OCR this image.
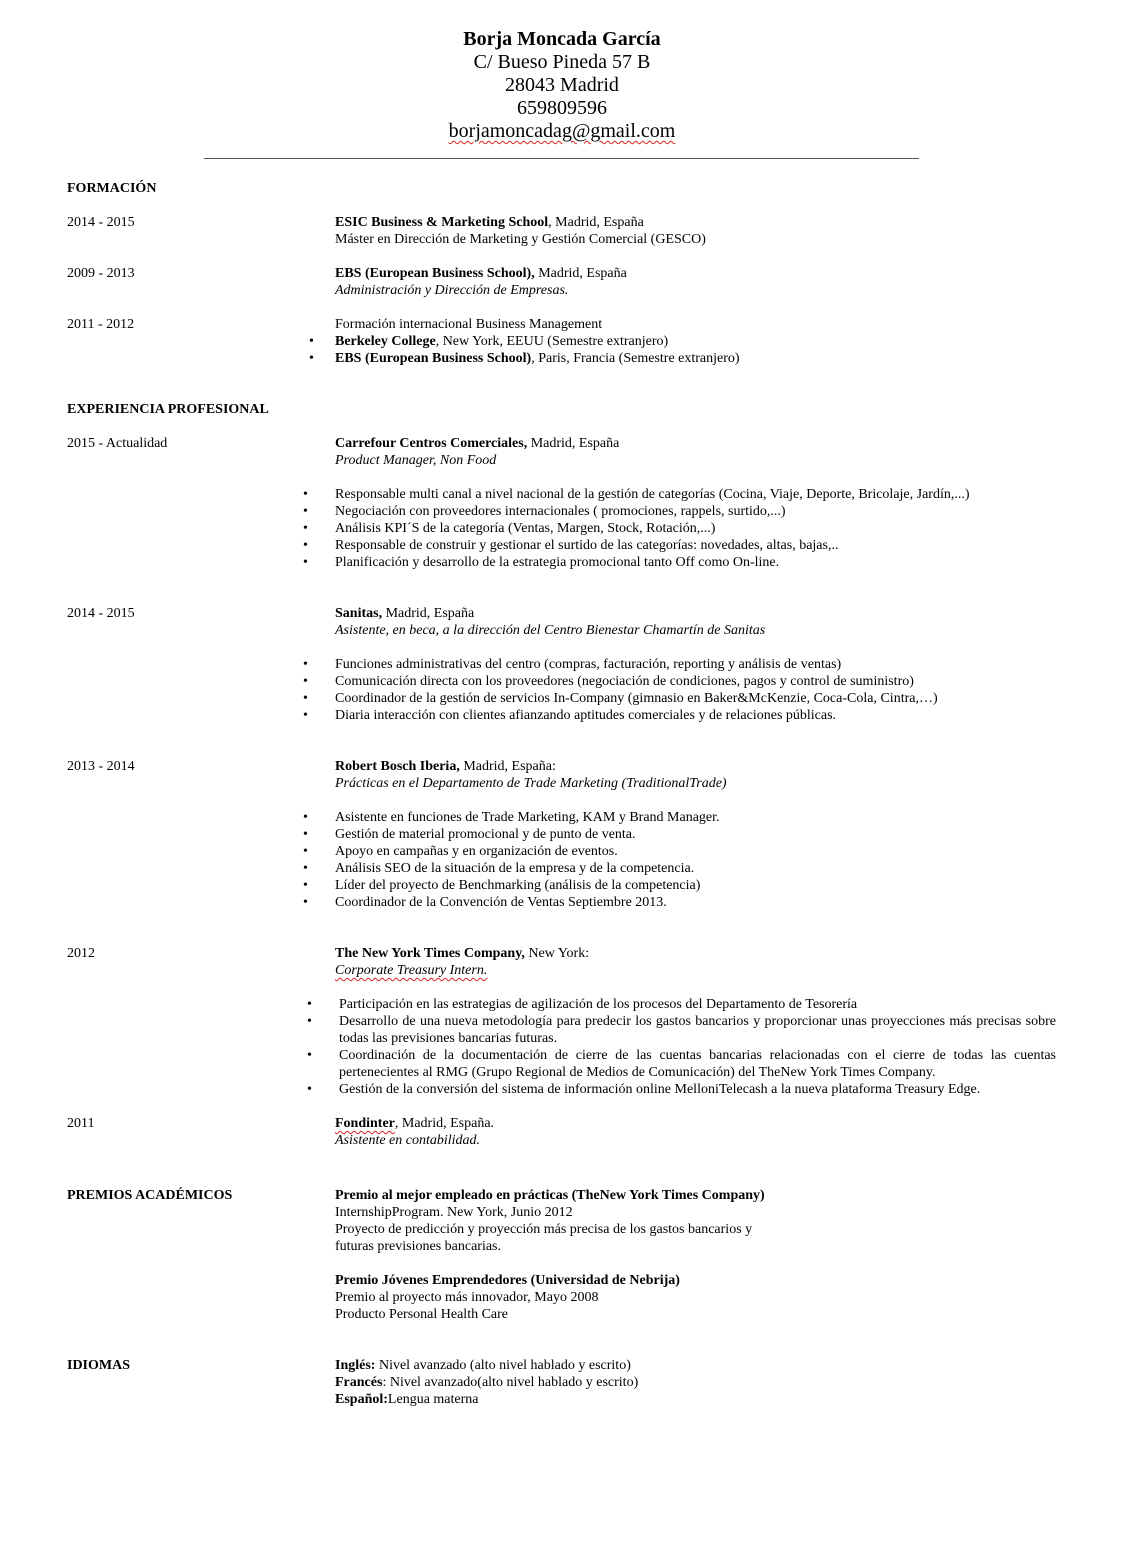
Borja Moncada García
C/ Bueso Pineda 57 B
28043 Madrid
659809596
borjamoncadag@gmail.com
FORMACIÓN
2014 - 2015	ESIC Business & Marketing School, Madrid, España
Máster en Dirección de Marketing y Gestión Comercial (GESCO)
2009 - 2013	EBS (European Business School), Madrid, España
Administración y Dirección de Empresas.
2011 - 2012	Formación internacional Business Management
• Berkeley College, New York, EEUU (Semestre extranjero)
• EBS (European Business School), Paris, Francia (Semestre extranjero)
EXPERIENCIA PROFESIONAL
2015 - Actualidad	Carrefour Centros Comerciales, Madrid, España
Product Manager, Non Food
• Responsable multi canal a nivel nacional de la gestión de categorías (Cocina, Viaje, Deporte, Bricolaje, Jardín,...)
• Negociación con proveedores internacionales ( promociones, rappels, surtido,...)
• Análisis KPI´S de la categoría (Ventas, Margen, Stock, Rotación,...)
• Responsable de construir y gestionar el surtido de las categorías: novedades, altas, bajas,..
• Planificación y desarrollo de la estrategia promocional tanto Off como On-line.
2014 - 2015	Sanitas, Madrid, España
Asistente, en beca, a la dirección del Centro Bienestar Chamartín de Sanitas
• Funciones administrativas del centro (compras, facturación, reporting y análisis de ventas)
• Comunicación directa con los proveedores (negociación de condiciones, pagos y control de suministro)
• Coordinador de la gestión de servicios In-Company (gimnasio en Baker&McKenzie, Coca-Cola, Cintra,…)
• Diaria interacción con clientes afianzando aptitudes comerciales y de relaciones públicas.
2013 - 2014	Robert Bosch Iberia, Madrid, España:
Prácticas en el Departamento de Trade Marketing (TraditionalTrade)
• Asistente en funciones de Trade Marketing, KAM y Brand Manager.
• Gestión de material promocional y de punto de venta.
• Apoyo en campañas y en organización de eventos.
• Análisis SEO de la situación de la empresa y de la competencia.
• Líder del proyecto de Benchmarking (análisis de la competencia)
• Coordinador de la Convención de Ventas Septiembre 2013.
2012	The New York Times Company, New York:
Corporate Treasury Intern.
• Participación en las estrategias de agilización de los procesos del Departamento de Tesorería
• Desarrollo de una nueva metodología para predecir los gastos bancarios y proporcionar unas proyecciones más precisas sobre todas las previsiones bancarias futuras.
• Coordinación de la documentación de cierre de las cuentas bancarias relacionadas con el cierre de todas las cuentas pertenecientes al RMG (Grupo Regional de Medios de Comunicación) del TheNew York Times Company.
• Gestión de la conversión del sistema de información online MelloniTelecash a la nueva plataforma Treasury Edge.
2011	Fondinter, Madrid, España.
Asistente en contabilidad.
PREMIOS ACADÉMICOS	Premio al mejor empleado en prácticas (TheNew York Times Company)
InternshipProgram. New York, Junio 2012
Proyecto de predicción y proyección más precisa de los gastos bancarios y
futuras previsiones bancarias.
Premio Jóvenes Emprendedores (Universidad de Nebrija)
Premio al proyecto más innovador, Mayo 2008
Producto Personal Health Care
IDIOMAS	Inglés: Nivel avanzado (alto nivel hablado y escrito)
Francés: Nivel avanzado(alto nivel hablado y escrito)
Español:Lengua materna
